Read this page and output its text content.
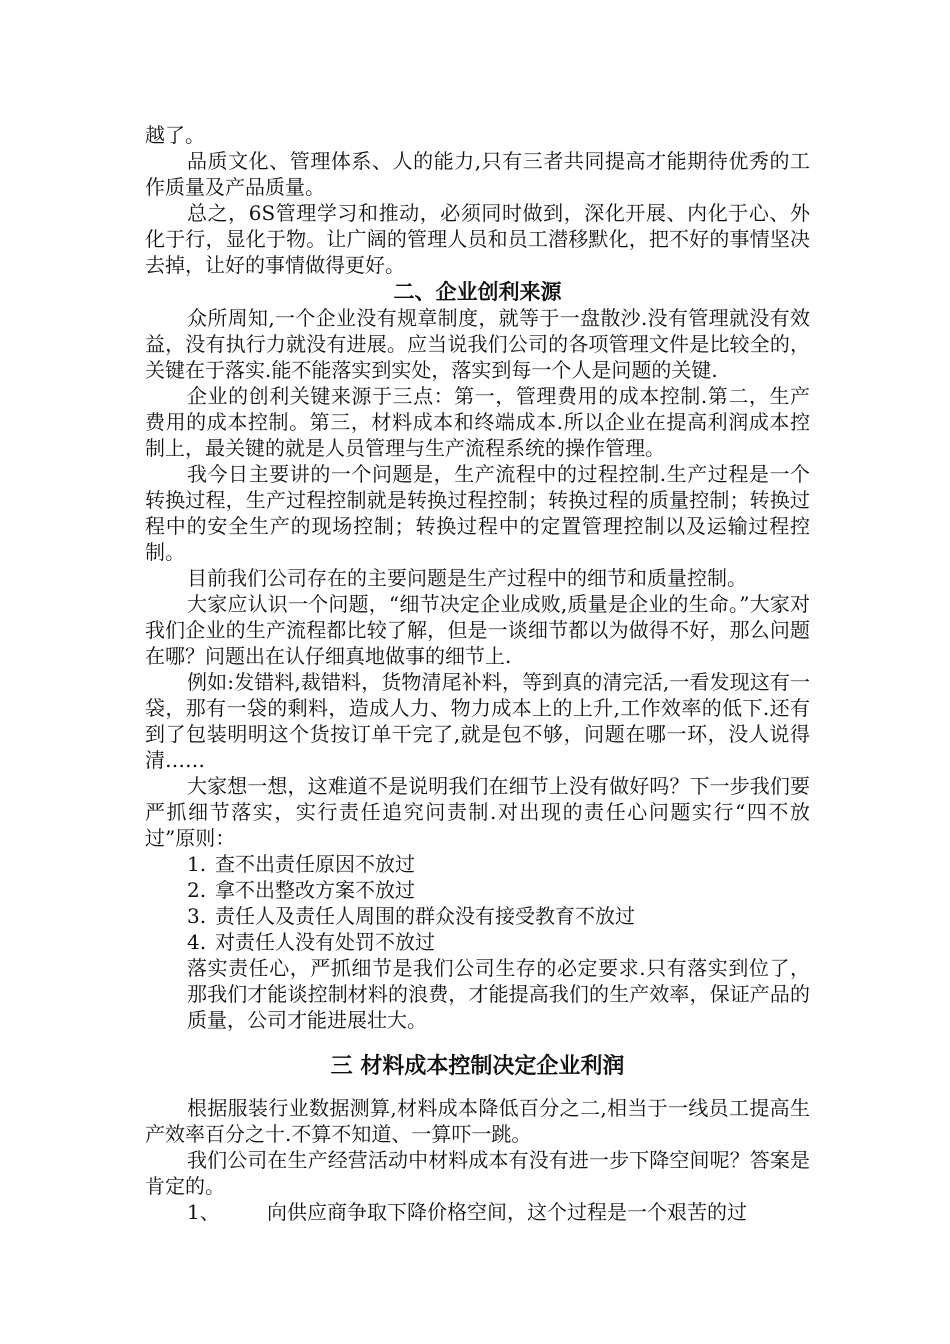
越了。

品质文化、管理体系、人的能力,只有三者共同提高才能期待优秀的工作质量及产品质量。

总之，6S管理学习和推动，必须同时做到，深化开展、内化于心、外化于行，显化于物。让广阔的管理人员和员工潜移默化，把不好的事情坚决去掉，让好的事情做得更好。

二、企业创利来源

众所周知,一个企业没有规章制度，就等于一盘散沙.没有管理就没有效益，没有执行力就没有进展。应当说我们公司的各项管理文件是比较全的，关键在于落实.能不能落实到实处，落实到每一个人是问题的关键.

企业的创利关键来源于三点：第一，管理费用的成本控制.第二，生产费用的成本控制。第三，材料成本和终端成本.所以企业在提高利润成本控制上，最关键的就是人员管理与生产流程系统的操作管理。

我今日主要讲的一个问题是，生产流程中的过程控制.生产过程是一个转换过程，生产过程控制就是转换过程控制；转换过程的质量控制；转换过程中的安全生产的现场控制；转换过程中的定置管理控制以及运输过程控制。

目前我们公司存在的主要问题是生产过程中的细节和质量控制。

大家应认识一个问题，“细节决定企业成败,质量是企业的生命。”大家对我们企业的生产流程都比较了解，但是一谈细节都以为做得不好，那么问题在哪？问题出在认仔细真地做事的细节上.

例如:发错料,裁错料，货物清尾补料，等到真的清完活,一看发现这有一袋，那有一袋的剩料，造成人力、物力成本上的上升,工作效率的低下.还有到了包装明明这个货按订单干完了,就是包不够，问题在哪一环，没人说得清……

大家想一想，这难道不是说明我们在细节上没有做好吗？下一步我们要严抓细节落实，实行责任追究问责制.对出现的责任心问题实行“四不放过”原则：

1. 查不出责任原因不放过
2. 拿不出整改方案不放过
3. 责任人及责任人周围的群众没有接受教育不放过
4. 对责任人没有处罚不放过

落实责任心，严抓细节是我们公司生存的必定要求.只有落实到位了，那我们才能谈控制材料的浪费，才能提高我们的生产效率，保证产品的质量，公司才能进展壮大。

三 材料成本控制决定企业利润

根据服装行业数据测算,材料成本降低百分之二,相当于一线员工提高生产效率百分之十.不算不知道、一算吓一跳。

我们公司在生产经营活动中材料成本有没有进一步下降空间呢？答案是肯定的。

1、 向供应商争取下降价格空间，这个过程是一个艰苦的过
